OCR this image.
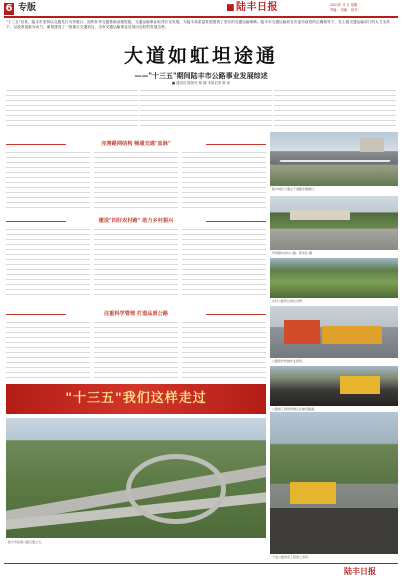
6 专版	■ 陆丰日报	2021年 月 日 星期
责编： 美编： 校对：
"十三五"以来，陆丰市坚持以交通先行为突破口，加快补齐交通基础设施短板，交通运输事业取得长足发展，为陆丰高质量发展提供了坚实的交通运输保障。陆丰市交通运输局在市委市政府的正确领导下，在上级交通运输部门的大力支持下，以改革创新为动力，谋划建设了一批重大交通项目，全市交通运输事业呈现出良好的发展态势。
大道如虹坦途通
——"十三五"期间陆丰市公路事业发展综述
■ 通讯员 陈伟民 林 娜 本报记者 陈 伟
完善路网结构 畅通交通"血脉"
陆丰城区交通主干道路车辆通行。
建设"四好农村路" 助力乡村振兴
甲西镇内农村公路。陈伟民 摄
乡村公路穿过绿色田野。
注重科学管理 打造品质公路
公路养护机械作业现场。
公路施工现场机械正在铺设路面。
"十三五"我们这样走过
陆丰市高速公路互通立交。
干线公路改造工程施工现场。
陆丰日报
